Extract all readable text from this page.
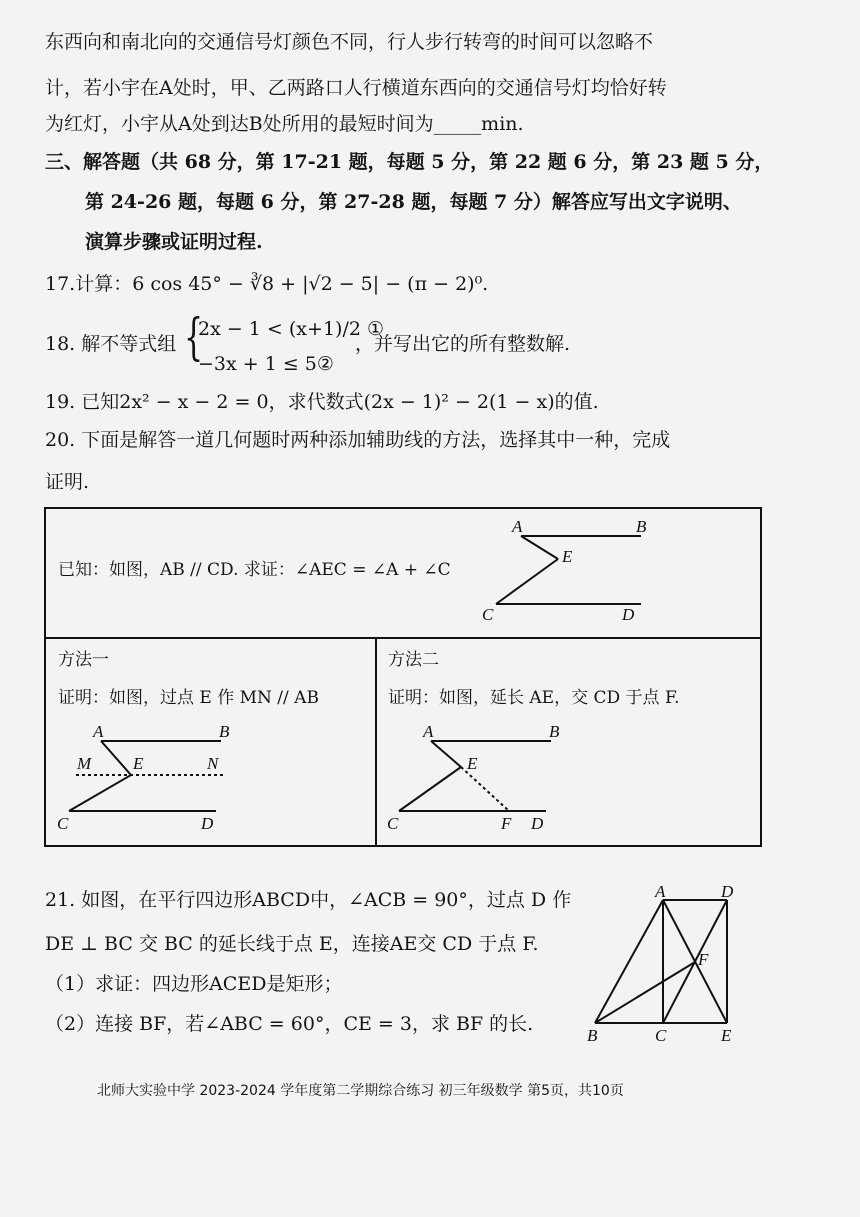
东西向和南北向的交通信号灯颜色不同，行人步行转弯的时间可以忽略不
计，若小宇在A处时，甲、乙两路口人行横道东西向的交通信号灯均恰好转
为红灯，小宇从A处到达B处所用的最短时间为_____min.
三、解答题（共 68 分，第 17-21 题，每题 5 分，第 22 题 6 分，第 23 题 5 分，
第 24-26 题，每题 6 分，第 27-28 题，每题 7 分）解答应写出文字说明、
演算步骤或证明过程.
17.计算：6 cos 45° − ∛8 + |√2 − 5| − (π − 2)⁰.
18. 解不等式组 {
2x − 1 < (x+1)/2 ①
−3x + 1 ≤ 5②
，并写出它的所有整数解.
19. 已知2x² − x − 2 = 0，求代数式(2x − 1)² − 2(1 − x)的值.
20. 下面是解答一道几何题时两种添加辅助线的方法，选择其中一种，完成
证明.
已知：如图，AB // CD. 求证：∠AEC = ∠A + ∠C
A	B
E
C	D
方法一
证明：如图，过点 E 作 MN // AB
A	B
M E	N
C	D
方法二
证明：如图，延长 AE，交 CD 于点 F.
A	B
E
C	F D
21. 如图，在平行四边形ABCD中，∠ACB = 90°，过点 D 作
DE ⊥ BC 交 BC 的延长线于点 E，连接AE交 CD 于点 F.
（1）求证：四边形ACED是矩形；
（2）连接 BF，若∠ABC = 60°，CE = 3，求 BF 的长.
A	D
F
B	C	E
北师大实验中学 2023-2024 学年度第二学期综合练习 初三年级数学 第5页，共10页
